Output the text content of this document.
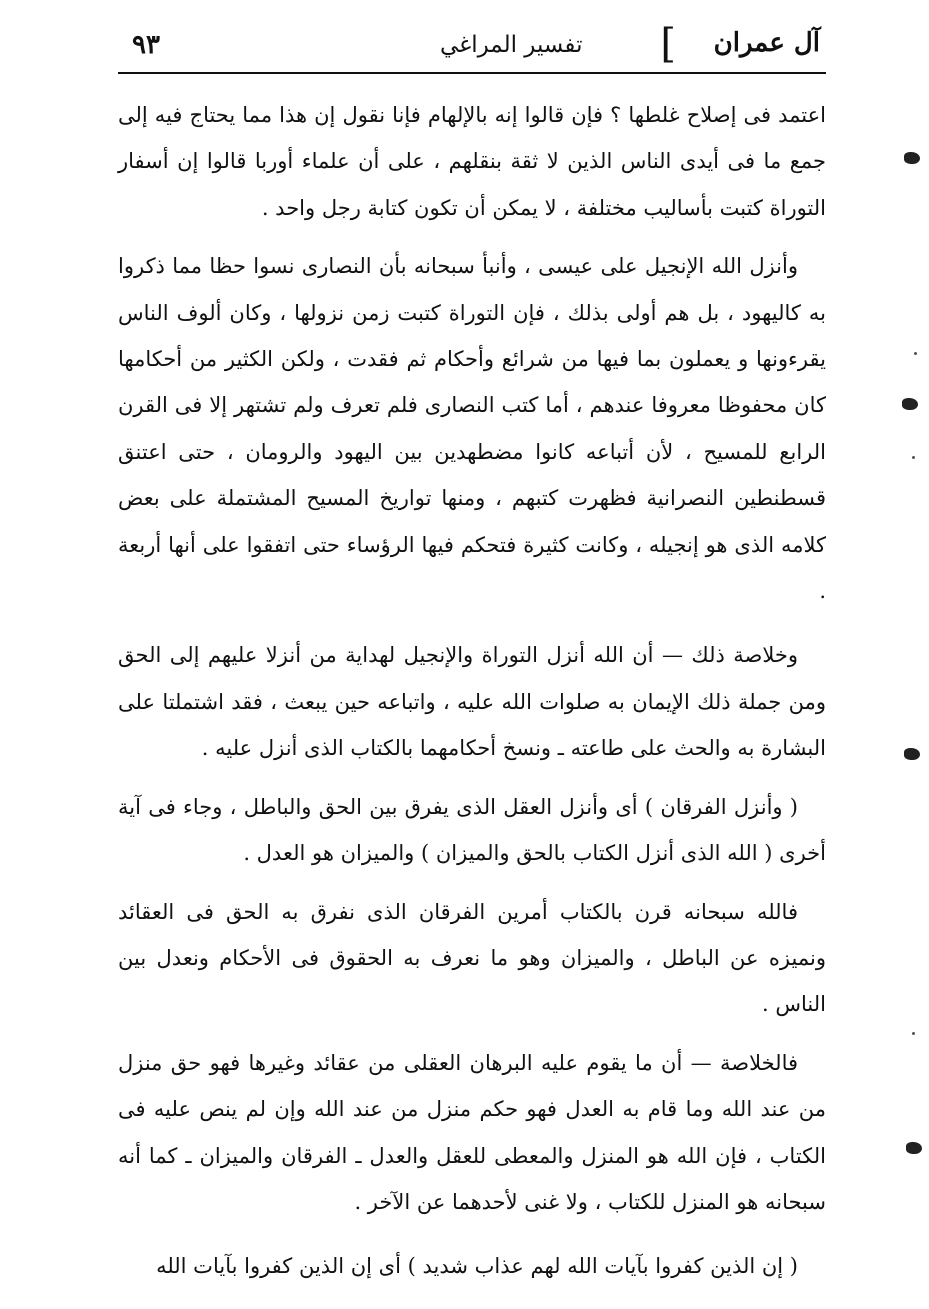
آل عمران
]
تفسير المراغي
٩٣

اعتمد فى إصلاح غلطها ؟ فإن قالوا إنه بالإلهام فإنا نقول إن هذا مما يحتاج فيه إلى جمع ما فى أيدى الناس الذين لا ثقة بنقلهم ، على أن علماء أوربا قالوا إن أسفار التوراة كتبت بأساليب مختلفة ، لا يمكن أن تكون كتابة رجل واحد .

وأنزل الله الإنجيل على عيسى ، وأنبأ سبحانه بأن النصارى نسوا حظا مما ذكروا به كاليهود ، بل هم أولى بذلك ، فإن التوراة كتبت زمن نزولها ، وكان ألوف الناس يقرءونها و يعملون بما فيها من شرائع وأحكام ثم فقدت ، ولكن الكثير من أحكامها كان محفوظا معروفا عندهم ، أما كتب النصارى فلم تعرف ولم تشتهر إلا فى القرن الرابع للمسيح ، لأن أتباعه كانوا مضطهدين بين اليهود والرومان ، حتى اعتنق قسطنطين النصرانية فظهرت كتبهم ، ومنها تواريخ المسيح المشتملة على بعض كلامه الذى هو إنجيله ، وكانت كثيرة فتحكم فيها الرؤساء حتى اتفقوا على أنها أربعة .

وخلاصة ذلك — أن الله أنزل التوراة والإنجيل لهداية من أنزلا عليهم إلى الحق ومن جملة ذلك الإيمان به صلوات الله عليه ، واتباعه حين يبعث ، فقد اشتملتا على البشارة به والحث على طاعته ـ ونسخ أحكامهما بالكتاب الذى أنزل عليه .

( وأنزل الفرقان ) أى وأنزل العقل الذى يفرق بين الحق والباطل ، وجاء فى آية أخرى ( الله الذى أنزل الكتاب بالحق والميزان ) والميزان هو العدل .

فالله سبحانه قرن بالكتاب أمرين الفرقان الذى نفرق به الحق فى العقائد ونميزه عن الباطل ، والميزان وهو ما نعرف به الحقوق فى الأحكام ونعدل بين الناس .

فالخلاصة — أن ما يقوم عليه البرهان العقلى من عقائد وغيرها فهو حق منزل من عند الله وما قام به العدل فهو حكم منزل من عند الله وإن لم ينص عليه فى الكتاب ، فإن الله هو المنزل والمعطى للعقل والعدل ـ الفرقان والميزان ـ كما أنه سبحانه هو المنزل للكتاب ، ولا غنى لأحدهما عن الآخر .

( إن الذين كفروا بآيات الله لهم عذاب شديد ) أى إن الذين كفروا بآيات الله
